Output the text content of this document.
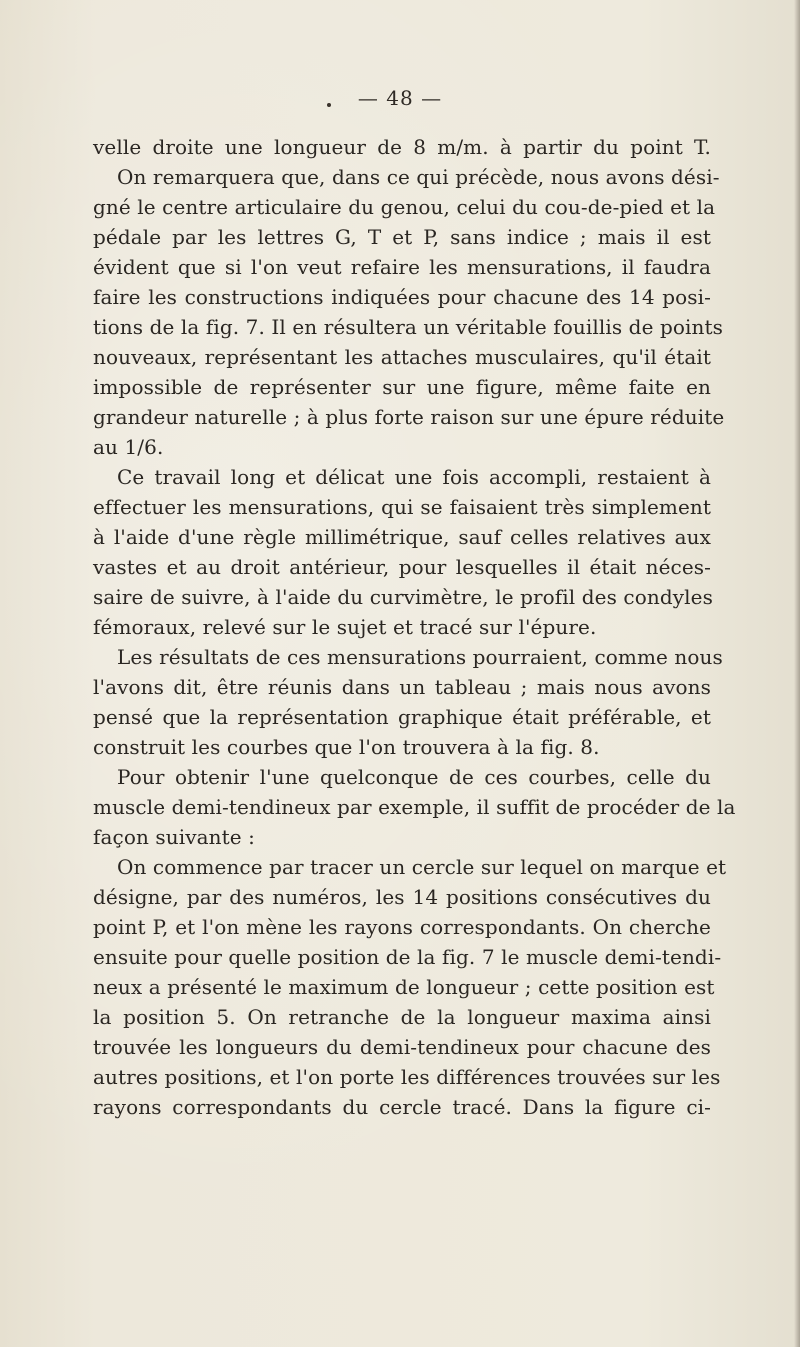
— 48 —
velle droite une longueur de 8 m/m. à partir du point T.
On remarquera que, dans ce qui précède, nous avons dési-
gné le centre articulaire du genou, celui du cou-de-pied et la
pédale par les lettres G, T et P, sans indice ; mais il est
évident que si l'on veut refaire les mensurations, il faudra
faire les constructions indiquées pour chacune des 14 posi-
tions de la fig. 7. Il en résultera un véritable fouillis de points
nouveaux, représentant les attaches musculaires, qu'il était
impossible de représenter sur une figure, même faite en
grandeur naturelle ; à plus forte raison sur une épure réduite
au 1/6.
Ce travail long et délicat une fois accompli, restaient à
effectuer les mensurations, qui se faisaient très simplement
à l'aide d'une règle millimétrique, sauf celles relatives aux
vastes et au droit antérieur, pour lesquelles il était néces-
saire de suivre, à l'aide du curvimètre, le profil des condyles
fémoraux, relevé sur le sujet et tracé sur l'épure.
Les résultats de ces mensurations pourraient, comme nous
l'avons dit, être réunis dans un tableau ; mais nous avons
pensé que la représentation graphique était préférable, et
construit les courbes que l'on trouvera à la fig. 8.
Pour obtenir l'une quelconque de ces courbes, celle du
muscle demi-tendineux par exemple, il suffit de procéder de la
façon suivante :
On commence par tracer un cercle sur lequel on marque et
désigne, par des numéros, les 14 positions consécutives du
point P, et l'on mène les rayons correspondants. On cherche
ensuite pour quelle position de la fig. 7 le muscle demi-tendi-
neux a présenté le maximum de longueur ; cette position est
la position 5. On retranche de la longueur maxima ainsi
trouvée les longueurs du demi-tendineux pour chacune des
autres positions, et l'on porte les différences trouvées sur les
rayons correspondants du cercle tracé. Dans la figure ci-
